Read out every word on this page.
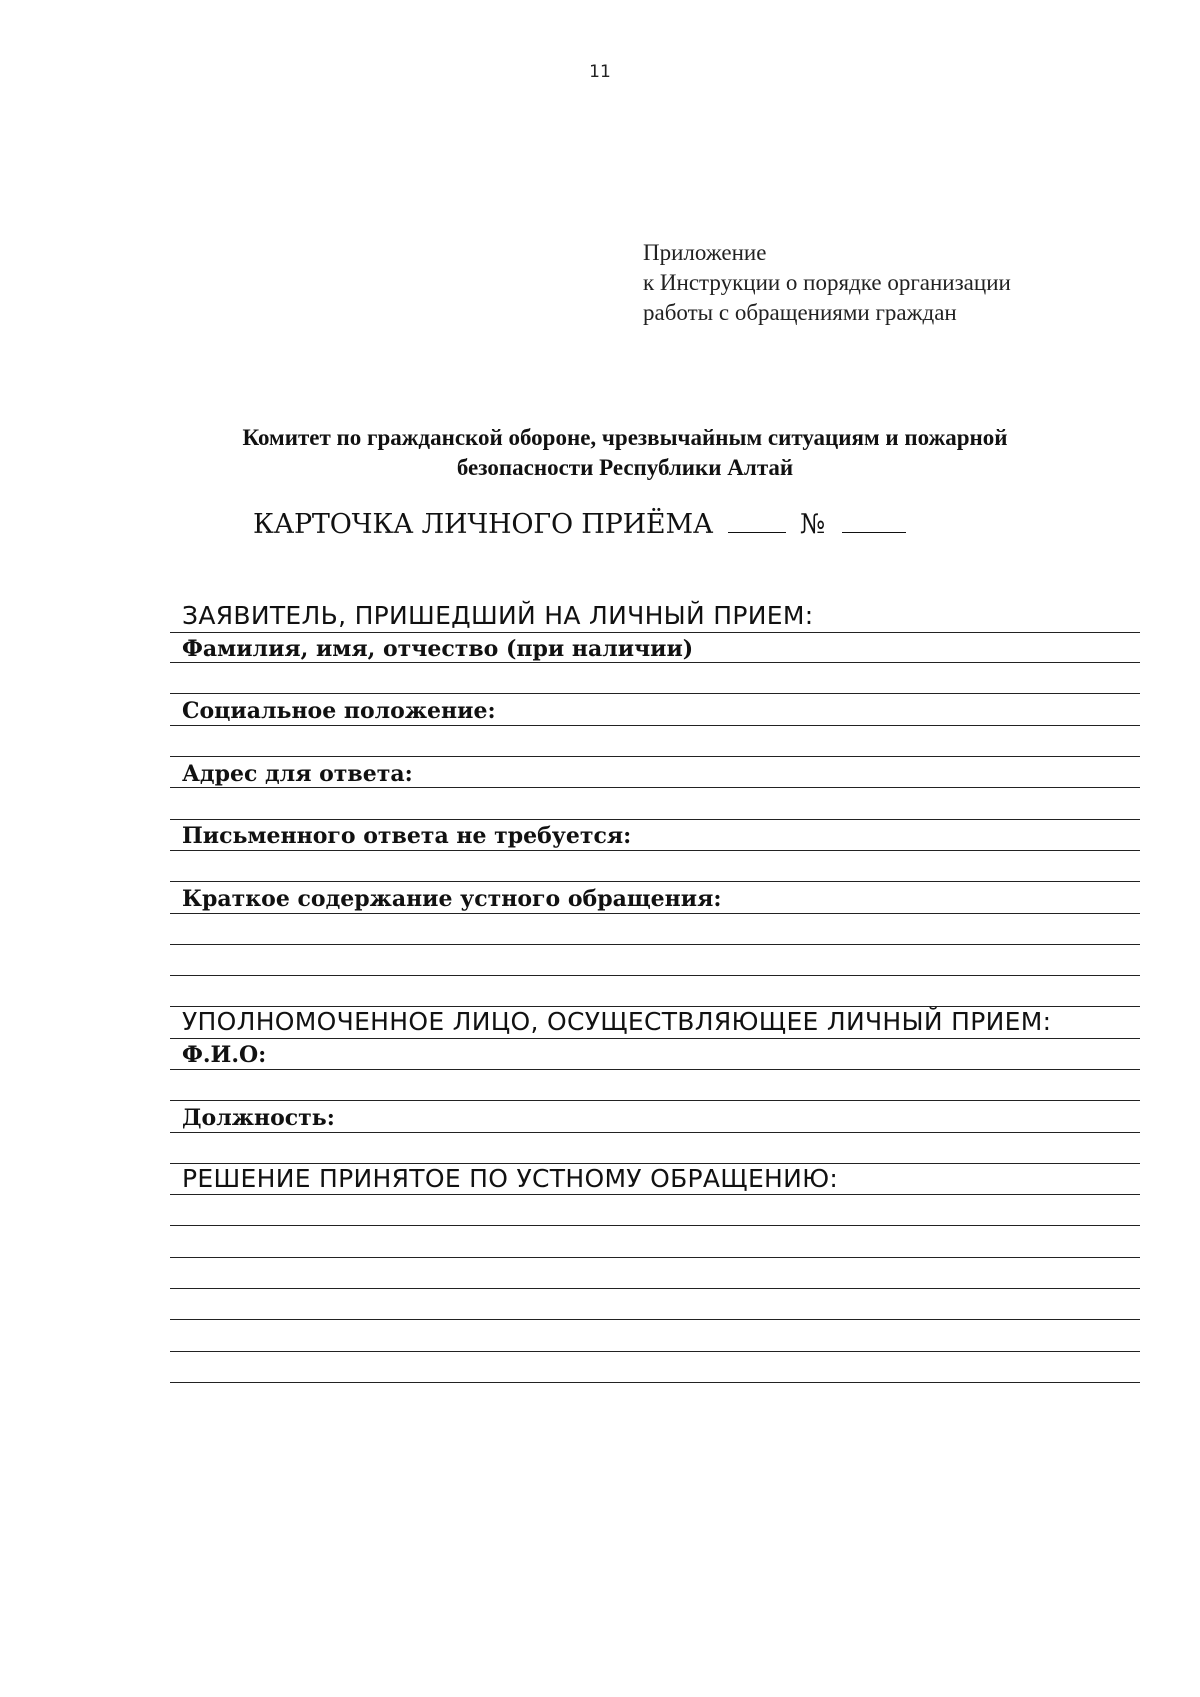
11
Приложение
к Инструкции о порядке организации
работы с обращениями граждан
Комитет по гражданской обороне, чрезвычайным ситуациям и пожарной
безопасности Республики Алтай
КАРТОЧКА ЛИЧНОГО ПРИЁМА	№
ЗАЯВИТЕЛЬ, ПРИШЕДШИЙ НА ЛИЧНЫЙ ПРИЕМ:
Фамилия, имя, отчество (при наличии)
Социальное положение:
Адрес для ответа:
Письменного ответа не требуется:
Краткое содержание устного обращения:
УПОЛНОМОЧЕННОЕ ЛИЦО, ОСУЩЕСТВЛЯЮЩЕЕ ЛИЧНЫЙ ПРИЕМ:
Ф.И.О:
Должность:
РЕШЕНИЕ ПРИНЯТОЕ ПО УСТНОМУ ОБРАЩЕНИЮ:
